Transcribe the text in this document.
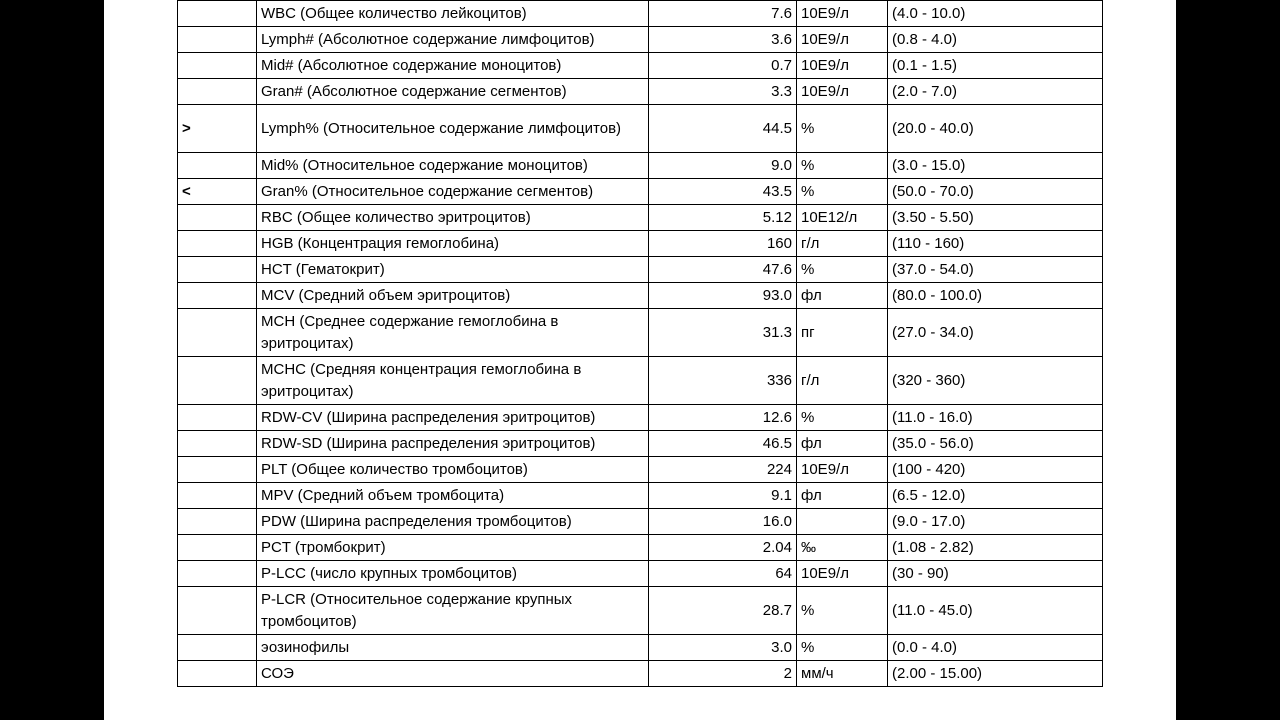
	WBC (Общее количество лейкоцитов)	7.6	10E9/л	(4.0 - 10.0)
	Lymph# (Абсолютное содержание лимфоцитов)	3.6	10E9/л	(0.8 - 4.0)
	Mid# (Абсолютное содержание моноцитов)	0.7	10E9/л	(0.1 - 1.5)
	Gran# (Абсолютное содержание сегментов)	3.3	10E9/л	(2.0 - 7.0)
>	Lymph% (Относительное содержание лимфоцитов)	44.5	%	(20.0 - 40.0)
	Mid% (Относительное содержание моноцитов)	9.0	%	(3.0 - 15.0)
<	Gran% (Относительное содержание сегментов)	43.5	%	(50.0 - 70.0)
	RBC (Общее количество эритроцитов)	5.12	10E12/л	(3.50 - 5.50)
	HGB (Концентрация гемоглобина)	160	г/л	(110 - 160)
	HCT (Гематокрит)	47.6	%	(37.0 - 54.0)
	MCV (Средний объем эритроцитов)	93.0	фл	(80.0 - 100.0)
	MCH (Среднее содержание гемоглобина в эритроцитах)	31.3	пг	(27.0 - 34.0)
	MCHC (Средняя концентрация гемоглобина в эритроцитах)	336	г/л	(320 - 360)
	RDW-CV (Ширина распределения эритроцитов)	12.6	%	(11.0 - 16.0)
	RDW-SD (Ширина распределения эритроцитов)	46.5	фл	(35.0 - 56.0)
	PLT (Общее количество тромбоцитов)	224	10E9/л	(100 - 420)
	MPV (Средний объем тромбоцита)	9.1	фл	(6.5 - 12.0)
	PDW (Ширина распределения тромбоцитов)	16.0		(9.0 - 17.0)
	PCT (тромбокрит)	2.04	‰	(1.08 - 2.82)
	P-LCC (число крупных тромбоцитов)	64	10E9/л	(30 - 90)
	P-LCR (Относительное содержание крупных тромбоцитов)	28.7	%	(11.0 - 45.0)
	эозинофилы	3.0	%	(0.0 - 4.0)
	СОЭ	2	мм/ч	(2.00 - 15.00)
